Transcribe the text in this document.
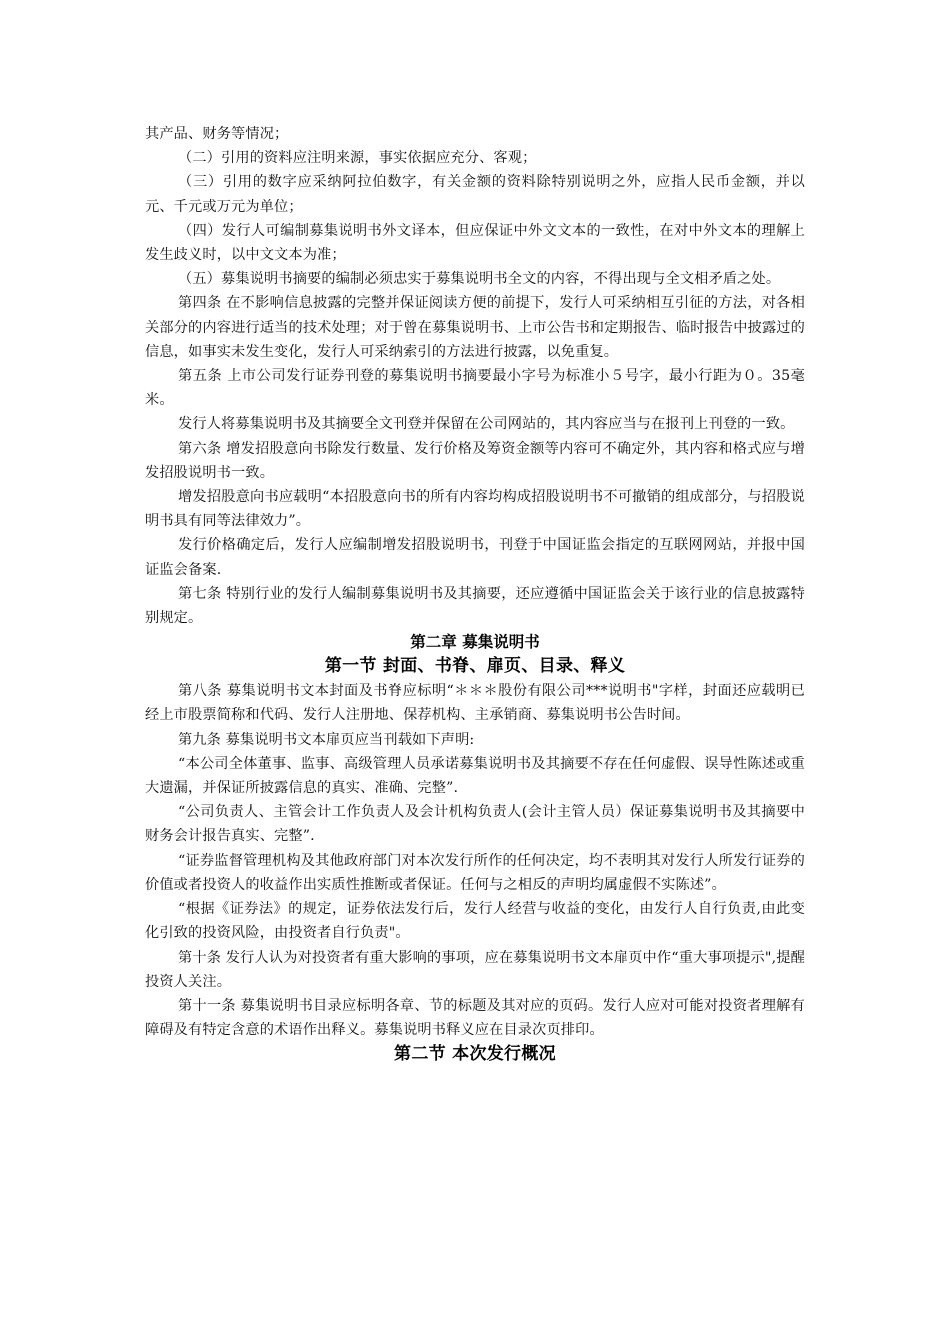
其产品、财务等情况；

（二）引用的资料应注明来源，事实依据应充分、客观；

（三）引用的数字应采纳阿拉伯数字，有关金额的资料除特别说明之外，应指人民币金额，并以元、千元或万元为单位；

（四）发行人可编制募集说明书外文译本，但应保证中外文文本的一致性，在对中外文本的理解上发生歧义时，以中文文本为准；

（五）募集说明书摘要的编制必须忠实于募集说明书全文的内容，不得出现与全文相矛盾之处。

第四条 在不影响信息披露的完整并保证阅读方便的前提下，发行人可采纳相互引征的方法，对各相关部分的内容进行适当的技术处理；对于曾在募集说明书、上市公告书和定期报告、临时报告中披露过的信息，如事实未发生变化，发行人可采纳索引的方法进行披露，以免重复。

第五条 上市公司发行证券刊登的募集说明书摘要最小字号为标准小５号字，最小行距为０。35毫米。

发行人将募集说明书及其摘要全文刊登并保留在公司网站的，其内容应当与在报刊上刊登的一致。

第六条 增发招股意向书除发行数量、发行价格及筹资金额等内容可不确定外，其内容和格式应与增发招股说明书一致。

增发招股意向书应载明“本招股意向书的所有内容均构成招股说明书不可撤销的组成部分，与招股说明书具有同等法律效力”。

发行价格确定后，发行人应编制增发招股说明书，刊登于中国证监会指定的互联网网站，并报中国证监会备案.

第七条 特别行业的发行人编制募集说明书及其摘要，还应遵循中国证监会关于该行业的信息披露特别规定。

第二章 募集说明书
第一节 封面、书脊、扉页、目录、释义

第八条 募集说明书文本封面及书脊应标明“＊＊＊股份有限公司***说明书"字样，封面还应载明已经上市股票简称和代码、发行人注册地、保荐机构、主承销商、募集说明书公告时间。

第九条 募集说明书文本扉页应当刊载如下声明:

“本公司全体董事、监事、高级管理人员承诺募集说明书及其摘要不存在任何虚假、误导性陈述或重大遗漏，并保证所披露信息的真实、准确、完整”.

“公司负责人、主管会计工作负责人及会计机构负责人(会计主管人员）保证募集说明书及其摘要中财务会计报告真实、完整”.

“证券监督管理机构及其他政府部门对本次发行所作的任何决定，均不表明其对发行人所发行证券的价值或者投资人的收益作出实质性推断或者保证。任何与之相反的声明均属虚假不实陈述”。

“根据《证券法》的规定，证券依法发行后，发行人经营与收益的变化，由发行人自行负责,由此变化引致的投资风险，由投资者自行负责"。

第十条 发行人认为对投资者有重大影响的事项，应在募集说明书文本扉页中作“重大事项提示",提醒投资人关注。

第十一条 募集说明书目录应标明各章、节的标题及其对应的页码。发行人应对可能对投资者理解有障碍及有特定含意的术语作出释义。募集说明书释义应在目录次页排印。

第二节 本次发行概况
